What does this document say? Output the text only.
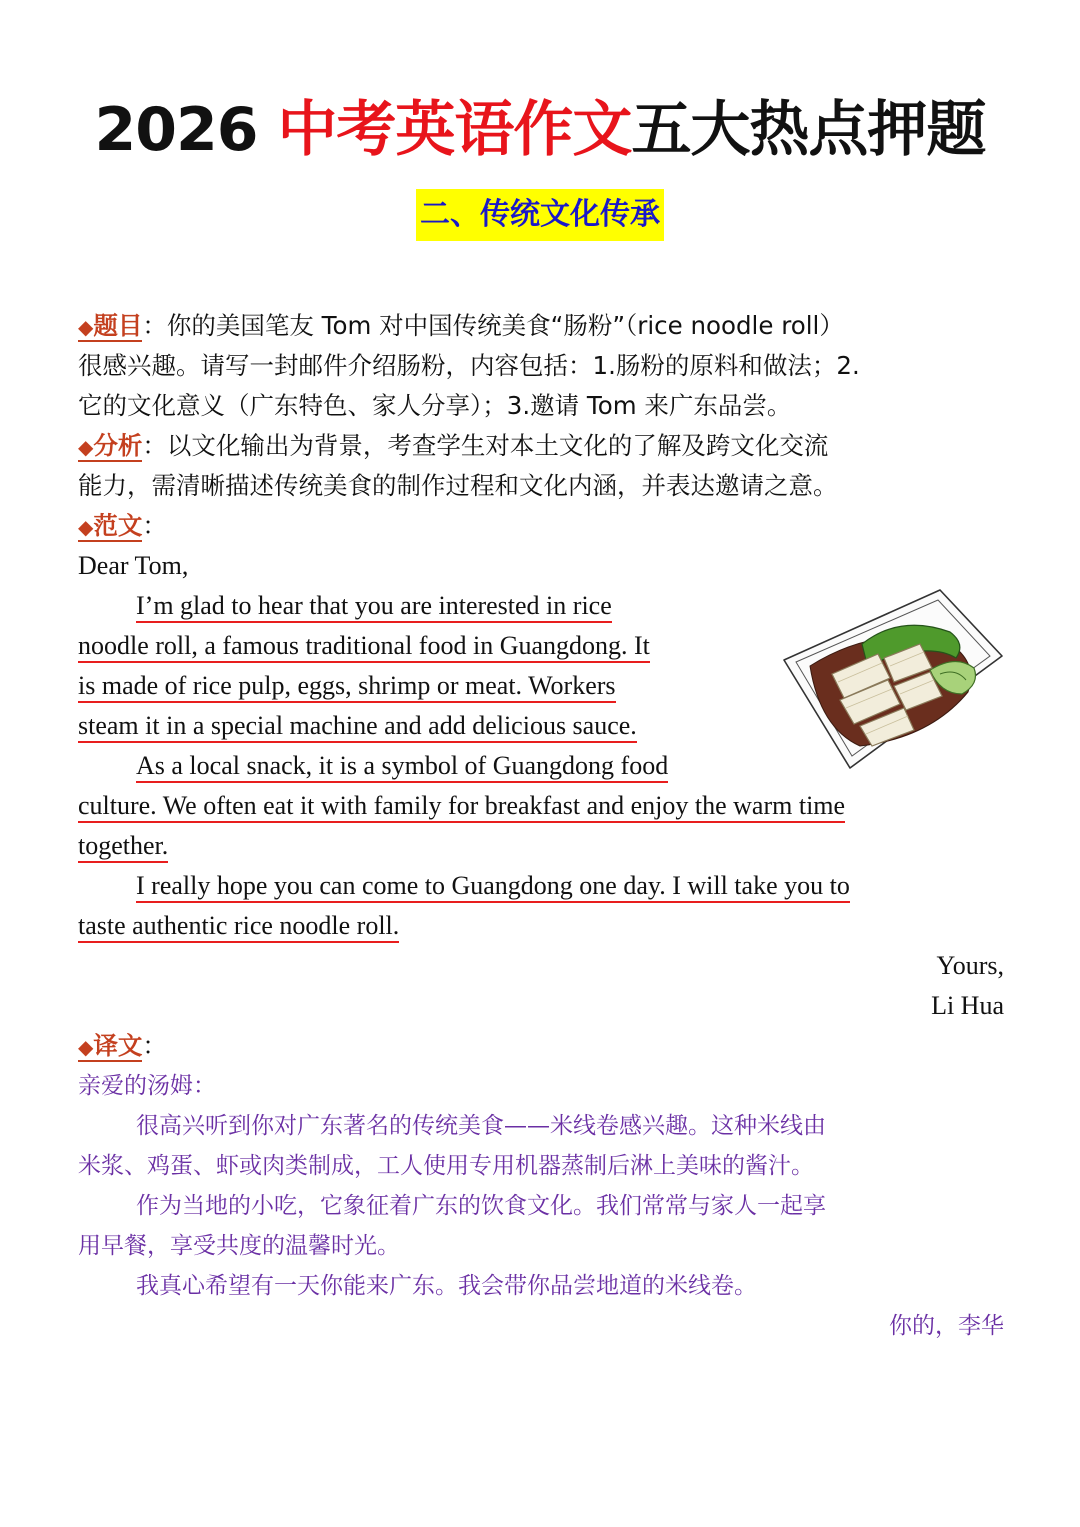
2026 中考英语作文五大热点押题
二、传统文化传承
◆题目：你的美国笔友 Tom 对中国传统美食“肠粉”（rice noodle roll）
很感兴趣。请写一封邮件介绍肠粉，内容包括：1.肠粉的原料和做法；2.
它的文化意义（广东特色、家人分享）；3.邀请 Tom 来广东品尝。
◆分析：以文化输出为背景，考查学生对本土文化的了解及跨文化交流
能力，需清晰描述传统美食的制作过程和文化内涵，并表达邀请之意。
◆范文：
Dear Tom,
I’m glad to hear that you are interested in rice
noodle roll, a famous traditional food in Guangdong. It
is made of rice pulp, eggs, shrimp or meat. Workers
steam it in a special machine and add delicious sauce.
As a local snack, it is a symbol of Guangdong food
culture. We often eat it with family for breakfast and enjoy the warm time
together.
I really hope you can come to Guangdong one day. I will take you to
taste authentic rice noodle roll.
Yours,
Li Hua
◆译文：
亲爱的汤姆：
很高兴听到你对广东著名的传统美食——米线卷感兴趣。这种米线由
米浆、鸡蛋、虾或肉类制成，工人使用专用机器蒸制后淋上美味的酱汁。
作为当地的小吃，它象征着广东的饮食文化。我们常常与家人一起享
用早餐，享受共度的温馨时光。
我真心希望有一天你能来广东。我会带你品尝地道的米线卷。
你的，李华
